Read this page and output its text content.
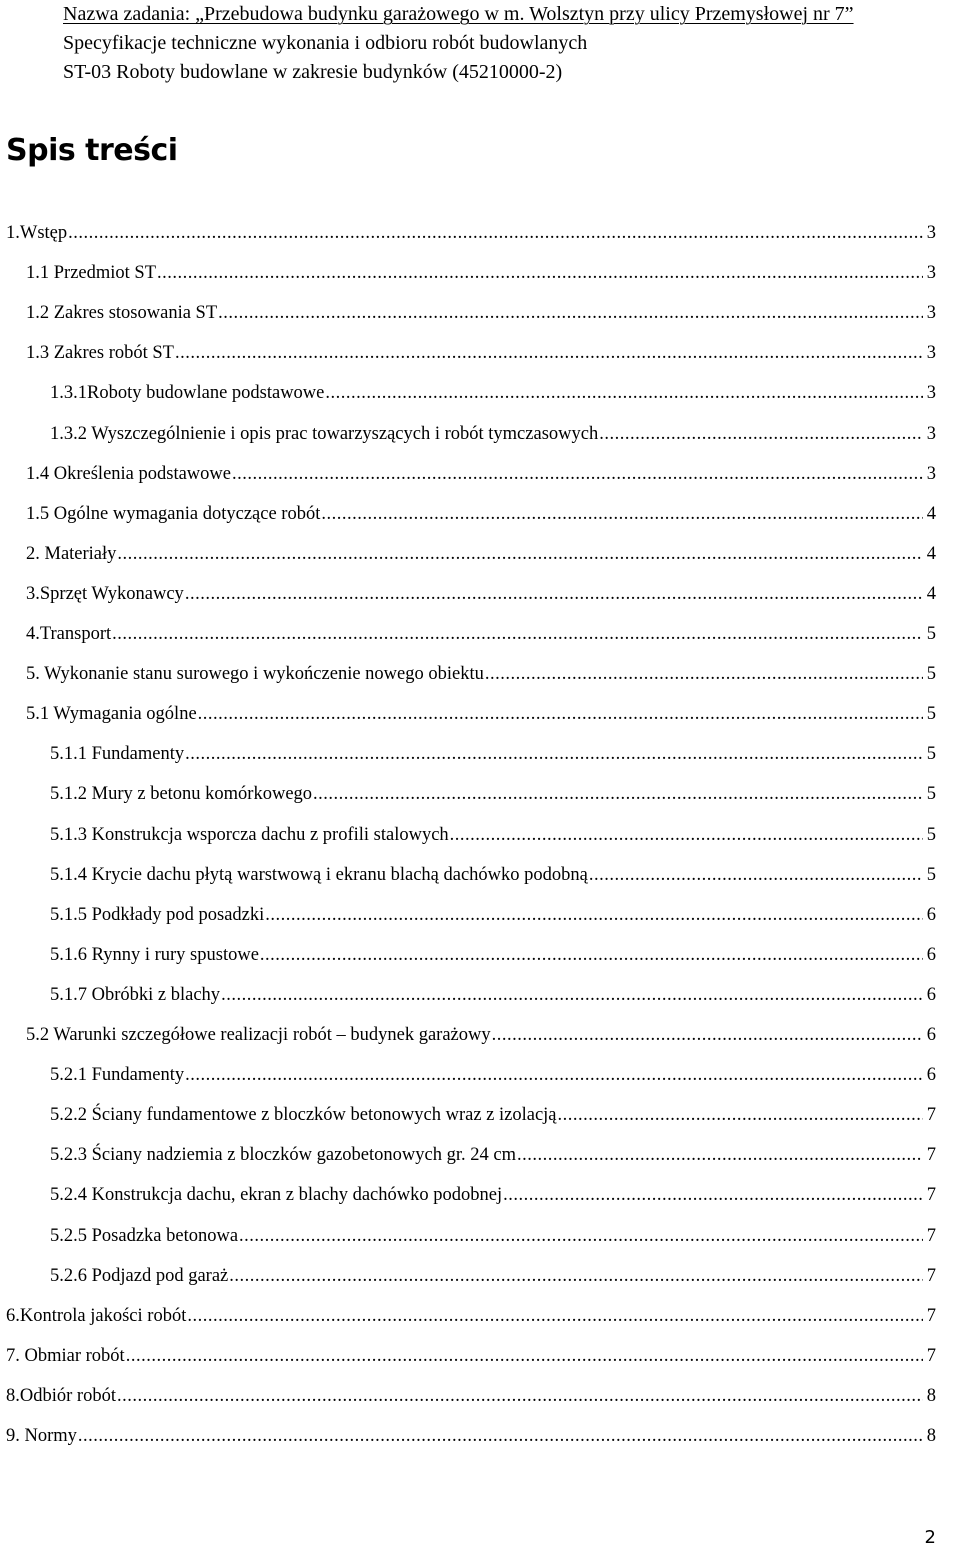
Nazwa zadania: „Przebudowa budynku garażowego w m. Wolsztyn przy ulicy Przemysłowej nr 7”
Specyfikacje techniczne wykonania i odbioru robót budowlanych
ST-03 Roboty budowlane w zakresie budynków (45210000-2)
Spis treści
1.Wstęp .....	3
1.1 Przedmiot ST .....	3
1.2 Zakres stosowania ST .....	3
1.3 Zakres robót ST .....	3
1.3.1Roboty budowlane podstawowe .....	3
1.3.2 Wyszczególnienie i opis prac towarzyszących i robót tymczasowych .....	3
1.4 Określenia podstawowe .....	3
1.5 Ogólne wymagania dotyczące robót .....	4
2. Materiały .....	4
3.Sprzęt Wykonawcy .....	4
4.Transport .....	5
5. Wykonanie stanu surowego i wykończenie nowego obiektu .....	5
5.1 Wymagania ogólne .....	5
5.1.1 Fundamenty .....	5
5.1.2 Mury z betonu komórkowego .....	5
5.1.3 Konstrukcja wsporcza dachu z profili stalowych .....	5
5.1.4 Krycie dachu płytą warstwową i ekranu blachą dachówko podobną .....	5
5.1.5 Podkłady pod posadzki .....	6
5.1.6 Rynny i rury spustowe .....	6
5.1.7 Obróbki z blachy .....	6
5.2 Warunki szczegółowe realizacji robót – budynek garażowy .....	6
5.2.1 Fundamenty .....	6
5.2.2 Ściany fundamentowe z bloczków betonowych wraz z izolacją .....	7
5.2.3 Ściany nadziemia z bloczków gazobetonowych gr. 24 cm .....	7
5.2.4 Konstrukcja dachu, ekran z blachy dachówko podobnej .....	7
5.2.5 Posadzka betonowa .....	7
5.2.6 Podjazd pod garaż .....	7
6.Kontrola jakości robót .....	7
7. Obmiar robót .....	7
8.Odbiór robót .....	8
9. Normy .....	8
2
